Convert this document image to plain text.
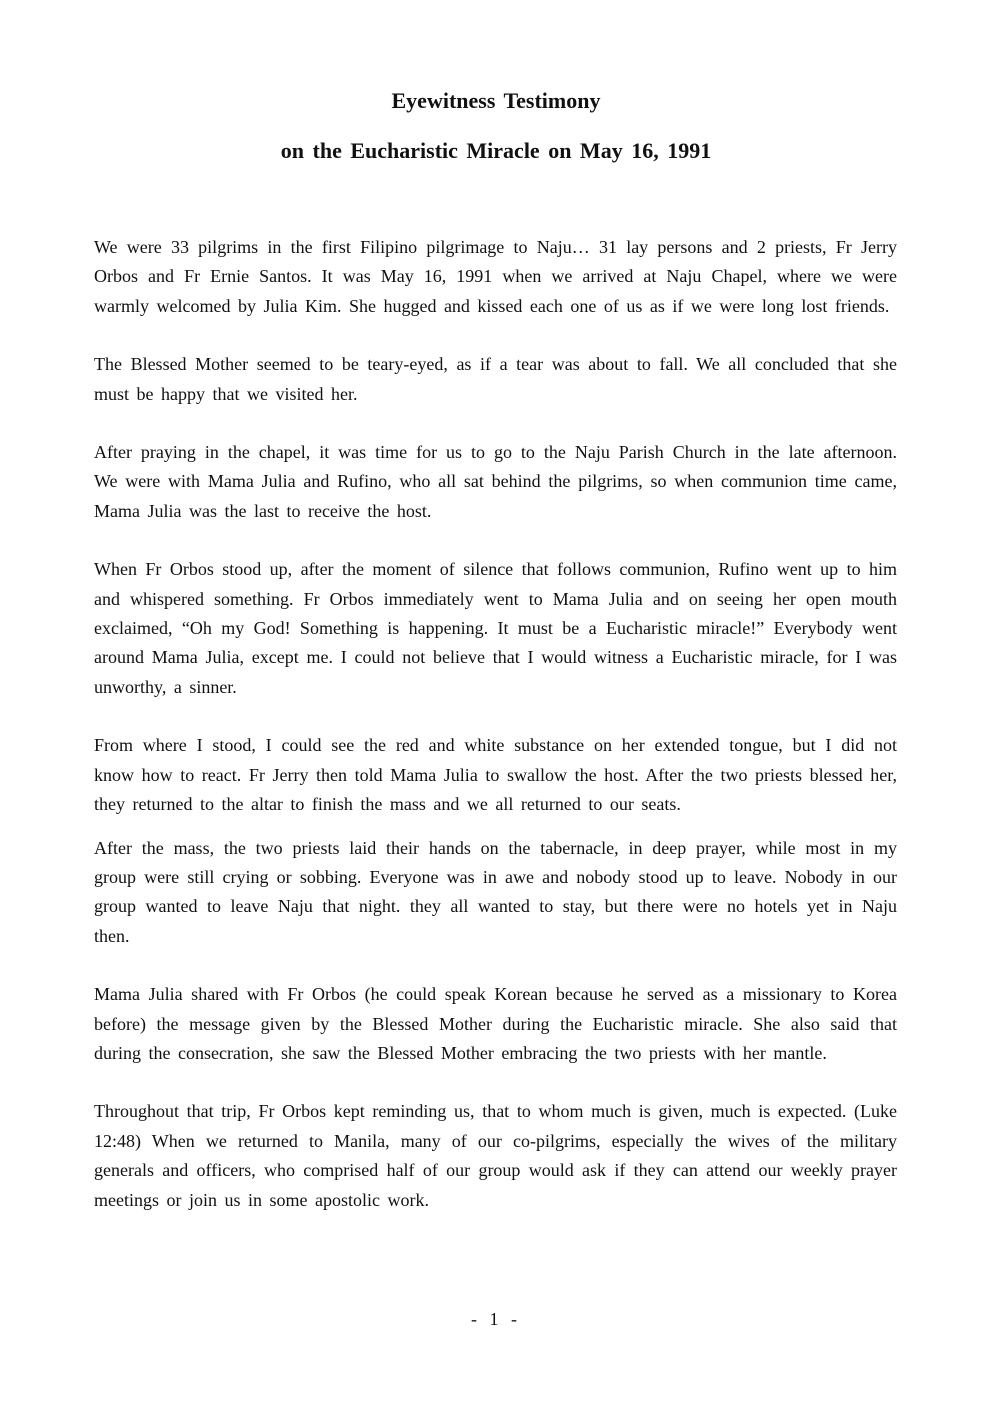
Eyewitness Testimony

on the Eucharistic Miracle on May 16, 1991

We were 33 pilgrims in the first Filipino pilgrimage to Naju… 31 lay persons and 2 priests, Fr Jerry Orbos and Fr Ernie Santos. It was May 16, 1991 when we arrived at Naju Chapel, where we were warmly welcomed by Julia Kim. She hugged and kissed each one of us as if we were long lost friends.

The Blessed Mother seemed to be teary-eyed, as if a tear was about to fall. We all concluded that she must be happy that we visited her.

After praying in the chapel, it was time for us to go to the Naju Parish Church in the late afternoon. We were with Mama Julia and Rufino, who all sat behind the pilgrims, so when communion time came, Mama Julia was the last to receive the host.

When Fr Orbos stood up, after the moment of silence that follows communion, Rufino went up to him and whispered something. Fr Orbos immediately went to Mama Julia and on seeing her open mouth exclaimed, “Oh my God! Something is happening. It must be a Eucharistic miracle!” Everybody went around Mama Julia, except me. I could not believe that I would witness a Eucharistic miracle, for I was unworthy, a sinner.

From where I stood, I could see the red and white substance on her extended tongue, but I did not know how to react. Fr Jerry then told Mama Julia to swallow the host. After the two priests blessed her, they returned to the altar to finish the mass and we all returned to our seats.

After the mass, the two priests laid their hands on the tabernacle, in deep prayer, while most in my group were still crying or sobbing. Everyone was in awe and nobody stood up to leave. Nobody in our group wanted to leave Naju that night. they all wanted to stay, but there were no hotels yet in Naju then.

Mama Julia shared with Fr Orbos (he could speak Korean because he served as a missionary to Korea before) the message given by the Blessed Mother during the Eucharistic miracle. She also said that during the consecration, she saw the Blessed Mother embracing the two priests with her mantle.

Throughout that trip, Fr Orbos kept reminding us, that to whom much is given, much is expected. (Luke 12:48) When we returned to Manila, many of our co-pilgrims, especially the wives of the military generals and officers, who comprised half of our group would ask if they can attend our weekly prayer meetings or join us in some apostolic work.

- 1 -
